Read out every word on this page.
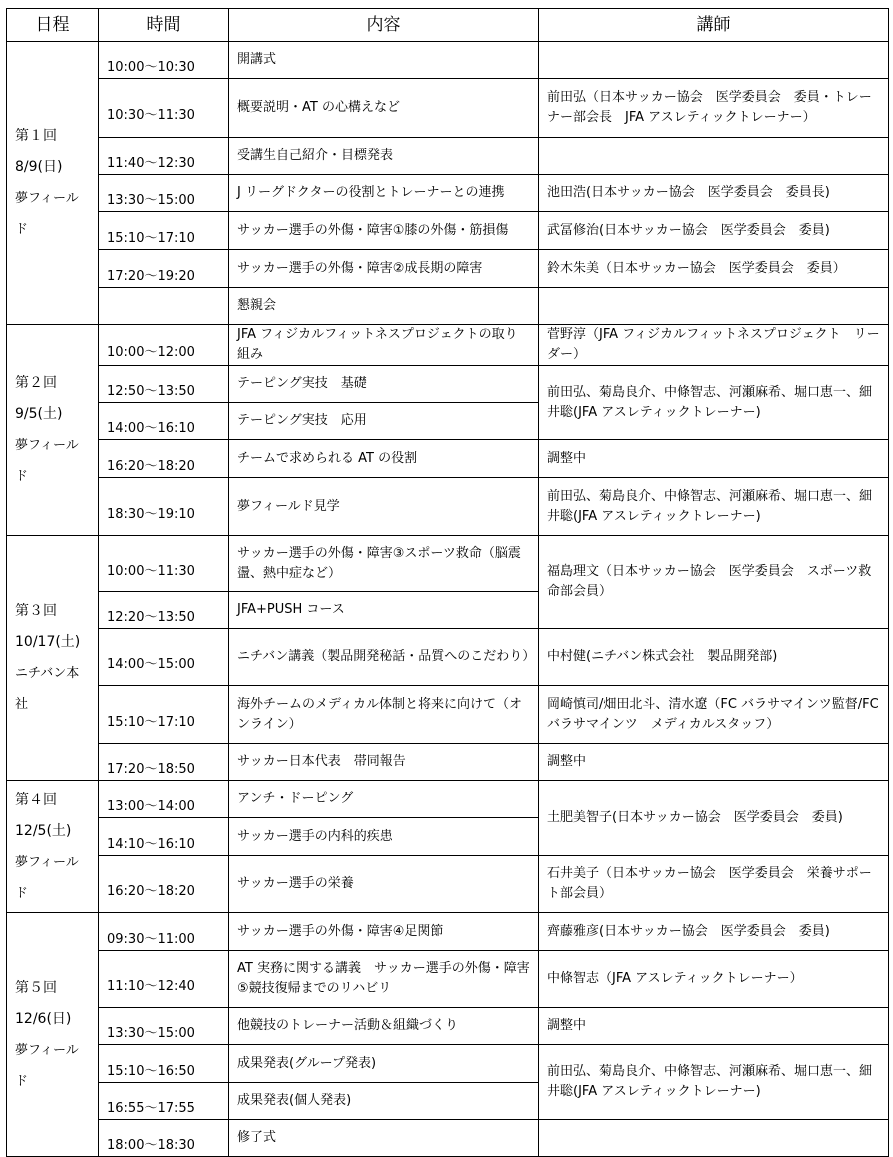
日程	時間	内容	講師

第１回
8/9(日)
夢フィールド	10:00～10:30	開講式	

	10:30～11:30	概要説明・AT の心構えなど	前田弘（日本サッカー協会　医学委員会　委員・トレーナー部会長　JFA アスレティックトレーナー）

	11:40～12:30	受講生自己紹介・目標発表	

	13:30～15:00	J リーグドクターの役割とトレーナーとの連携	池田浩(日本サッカー協会　医学委員会　委員長)

	15:10～17:10	サッカー選手の外傷・障害①膝の外傷・筋損傷	武冨修治(日本サッカー協会　医学委員会　委員)

	17:20～19:20	サッカー選手の外傷・障害②成長期の障害	鈴木朱美（日本サッカー協会　医学委員会　委員）

		懇親会	

第２回
9/5(土)
夢フィールド	10:00～12:00	JFA フィジカルフィットネスプロジェクトの取り組み	菅野淳（JFA フィジカルフィットネスプロジェクト　リーダー）

	12:50～13:50	テーピング実技　基礎	前田弘、菊島良介、中條智志、河瀬麻希、堀口恵一、細井聡(JFA アスレティックトレーナー)

	14:00～16:10	テーピング実技　応用	

	16:20～18:20	チームで求められる AT の役割	調整中

	18:30～19:10	夢フィールド見学	前田弘、菊島良介、中條智志、河瀬麻希、堀口恵一、細井聡(JFA アスレティックトレーナー)

第３回
10/17(土)
ニチバン本社	10:00～11:30	サッカー選手の外傷・障害③スポーツ救命（脳震盪、熱中症など）	福島理文（日本サッカー協会　医学委員会　スポーツ救命部会員）

	12:20～13:50	JFA+PUSH コース	

	14:00～15:00	ニチバン講義（製品開発秘話・品質へのこだわり）	中村健(ニチバン株式会社　製品開発部)

	15:10～17:10	海外チームのメディカル体制と将来に向けて（オンライン）	岡崎慎司/畑田北斗、清水遼（FC バラサマインツ監督/FC バラサマインツ　メディカルスタッフ）

	17:20～18:50	サッカー日本代表　帯同報告	調整中

第４回
12/5(土)
夢フィールド	13:00～14:00	アンチ・ドーピング	土肥美智子(日本サッカー協会　医学委員会　委員)

	14:10～16:10	サッカー選手の内科的疾患	

	16:20～18:20	サッカー選手の栄養	石井美子（日本サッカー協会　医学委員会　栄養サポート部会員）

第５回
12/6(日)
夢フィールド	09:30～11:00	サッカー選手の外傷・障害④足関節	齊藤雅彦(日本サッカー協会　医学委員会　委員)

	11:10～12:40	AT 実務に関する講義　サッカー選手の外傷・障害⑤競技復帰までのリハビリ	中條智志（JFA アスレティックトレーナー）

	13:30～15:00	他競技のトレーナー活動＆組織づくり	調整中

	15:10～16:50	成果発表(グループ発表)	前田弘、菊島良介、中條智志、河瀬麻希、堀口恵一、細井聡(JFA アスレティックトレーナー)

	16:55～17:55	成果発表(個人発表)	

	18:00～18:30	修了式	
